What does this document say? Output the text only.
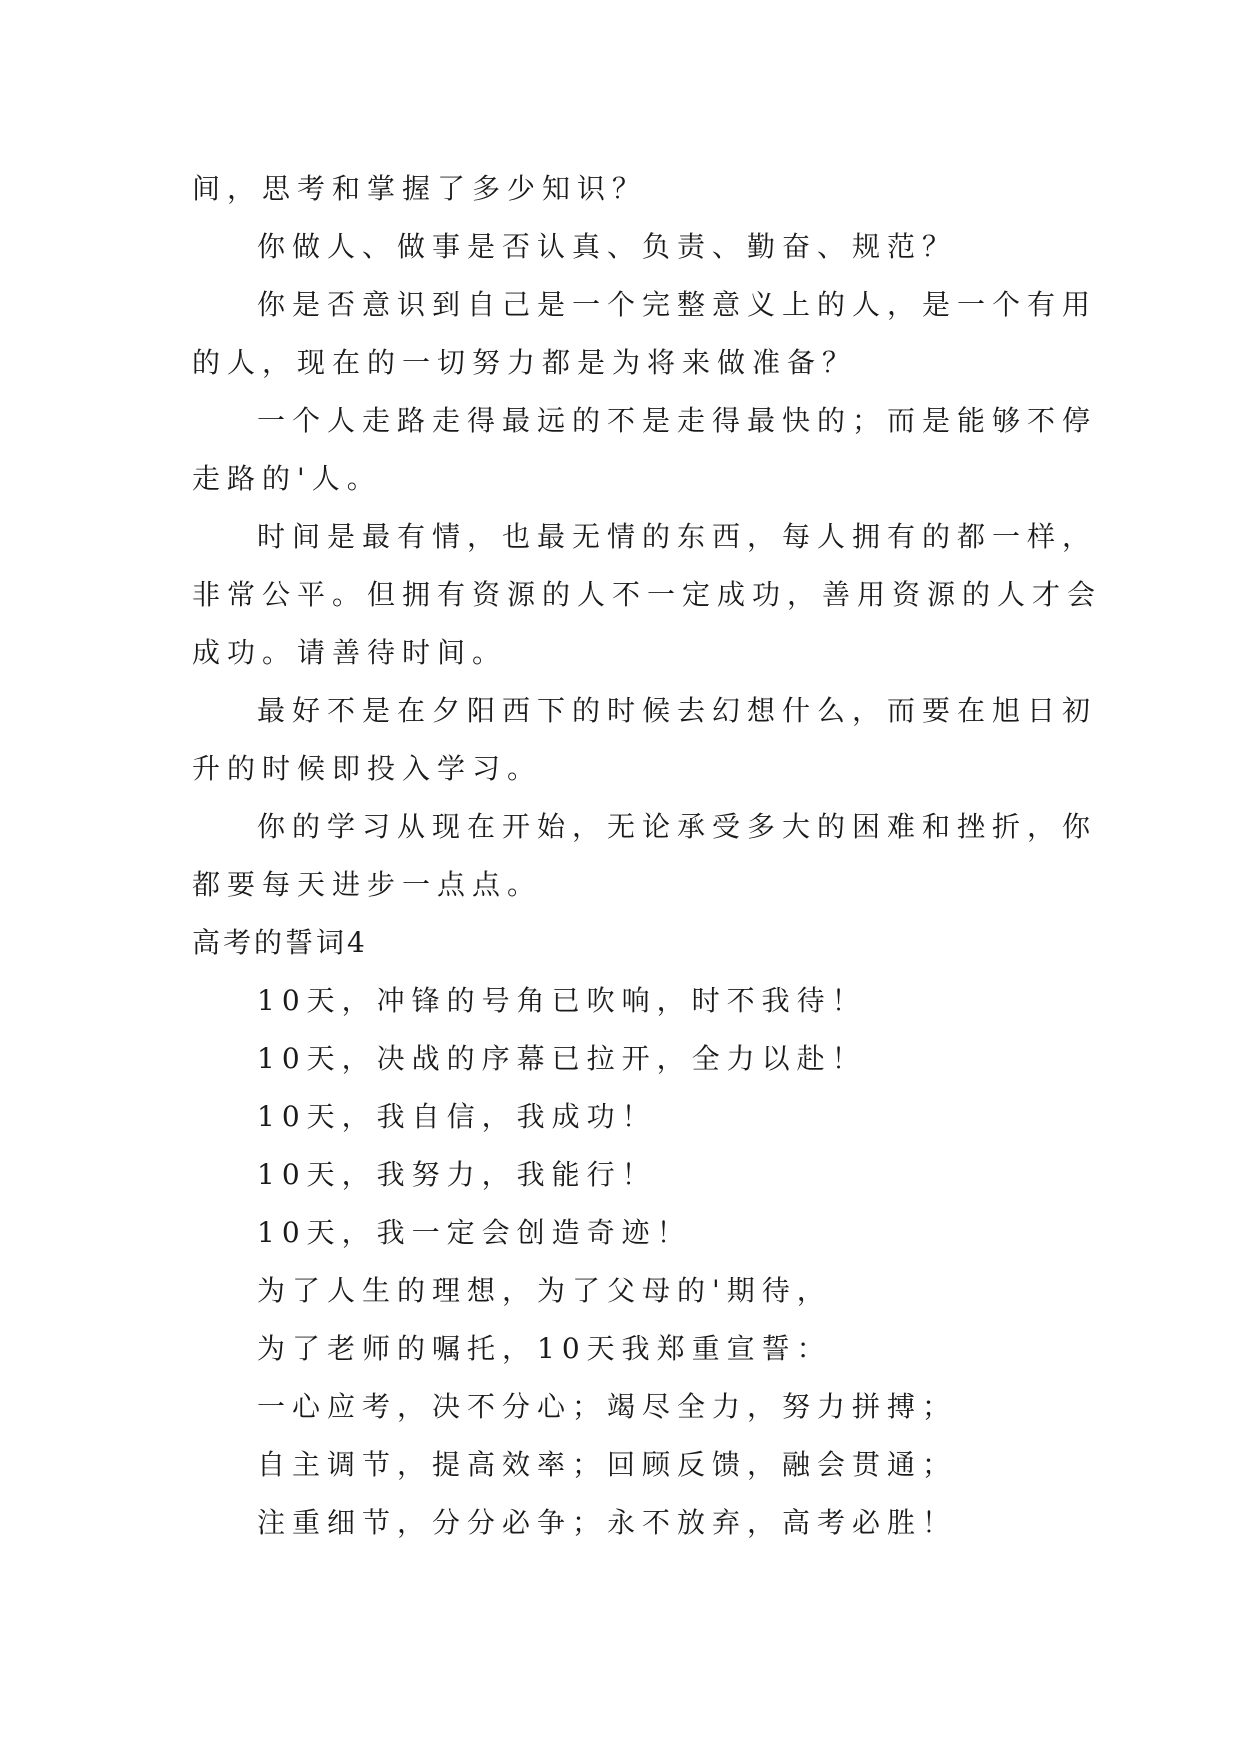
间，思考和掌握了多少知识？
你做人、做事是否认真、负责、勤奋、规范？
你是否意识到自己是一个完整意义上的人，是一个有用
的人，现在的一切努力都是为将来做准备？
一个人走路走得最远的不是走得最快的；而是能够不停
走路的'人。
时间是最有情，也最无情的东西，每人拥有的都一样，
非常公平。但拥有资源的人不一定成功，善用资源的人才会
成功。请善待时间。
最好不是在夕阳西下的时候去幻想什么，而要在旭日初
升的时候即投入学习。
你的学习从现在开始，无论承受多大的困难和挫折，你
都要每天进步一点点。
高考的誓词4
10天，冲锋的号角已吹响，时不我待！
10天，决战的序幕已拉开，全力以赴！
10天，我自信，我成功！
10天，我努力，我能行！
10天，我一定会创造奇迹！
为了人生的理想，为了父母的'期待，
为了老师的嘱托，10天我郑重宣誓：
一心应考，决不分心；竭尽全力，努力拼搏；
自主调节，提高效率；回顾反馈，融会贯通；
注重细节，分分必争；永不放弃，高考必胜！
